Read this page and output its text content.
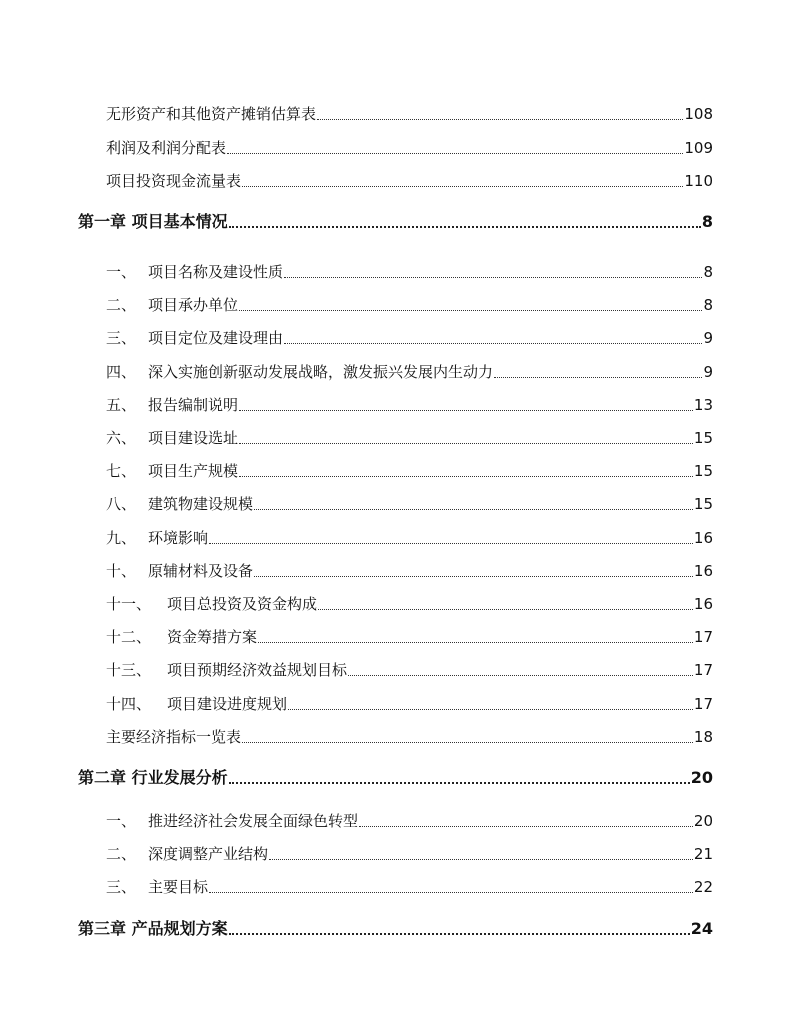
无形资产和其他资产摊销估算表	108
利润及利润分配表	109
项目投资现金流量表	110
第一章 项目基本情况	8
一、 项目名称及建设性质	8
二、 项目承办单位	8
三、 项目定位及建设理由	9
四、 深入实施创新驱动发展战略，激发振兴发展内生动力	9
五、 报告编制说明	13
六、 项目建设选址	15
七、 项目生产规模	15
八、 建筑物建设规模	15
九、 环境影响	16
十、 原辅材料及设备	16
十一、	项目总投资及资金构成	16
十二、	资金筹措方案	17
十三、	项目预期经济效益规划目标	17
十四、	项目建设进度规划	17
主要经济指标一览表	18
第二章 行业发展分析	20
一、 推进经济社会发展全面绿色转型	20
二、 深度调整产业结构	21
三、 主要目标	22
第三章 产品规划方案	24
